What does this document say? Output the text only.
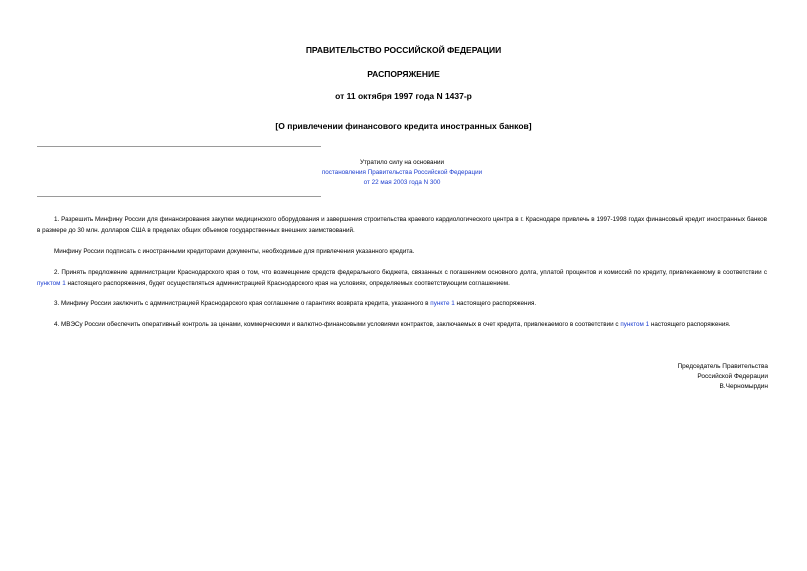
ПРАВИТЕЛЬСТВО РОССИЙСКОЙ ФЕДЕРАЦИИ
РАСПОРЯЖЕНИЕ
от 11 октября 1997 года N 1437-р
[О привлечении финансового кредита иностранных банков]
Утратило силу на основании
постановления Правительства Российской Федерации
от 22 мая 2003 года N 300
1. Разрешить Минфину России для финансирования закупки медицинского оборудования и завершения строительства краевого кардиологического центра в г. Краснодаре привлечь в 1997-1998 годах финансовый кредит иностранных банков в размере до 30 млн. долларов США в пределах общих объемов государственных внешних заимствований.
Минфину России подписать с иностранными кредиторами документы, необходимые для привлечения указанного кредита.
2. Принять предложение администрации Краснодарского края о том, что возмещение средств федерального бюджета, связанных с погашением основного долга, уплатой процентов и комиссий по кредиту, привлекаемому в соответствии с пунктом 1 настоящего распоряжения, будет осуществляться администрацией Краснодарского края на условиях, определяемых соответствующим соглашением.
3. Минфину России заключить с администрацией Краснодарского края соглашение о гарантиях возврата кредита, указанного в пункте 1 настоящего распоряжения.
4. МВЭСу России обеспечить оперативный контроль за ценами, коммерческими и валютно-финансовыми условиями контрактов, заключаемых в счет кредита, привлекаемого в соответствии с пунктом 1 настоящего распоряжения.
Председатель Правительства
Российской Федерации
В.Черномырдин
